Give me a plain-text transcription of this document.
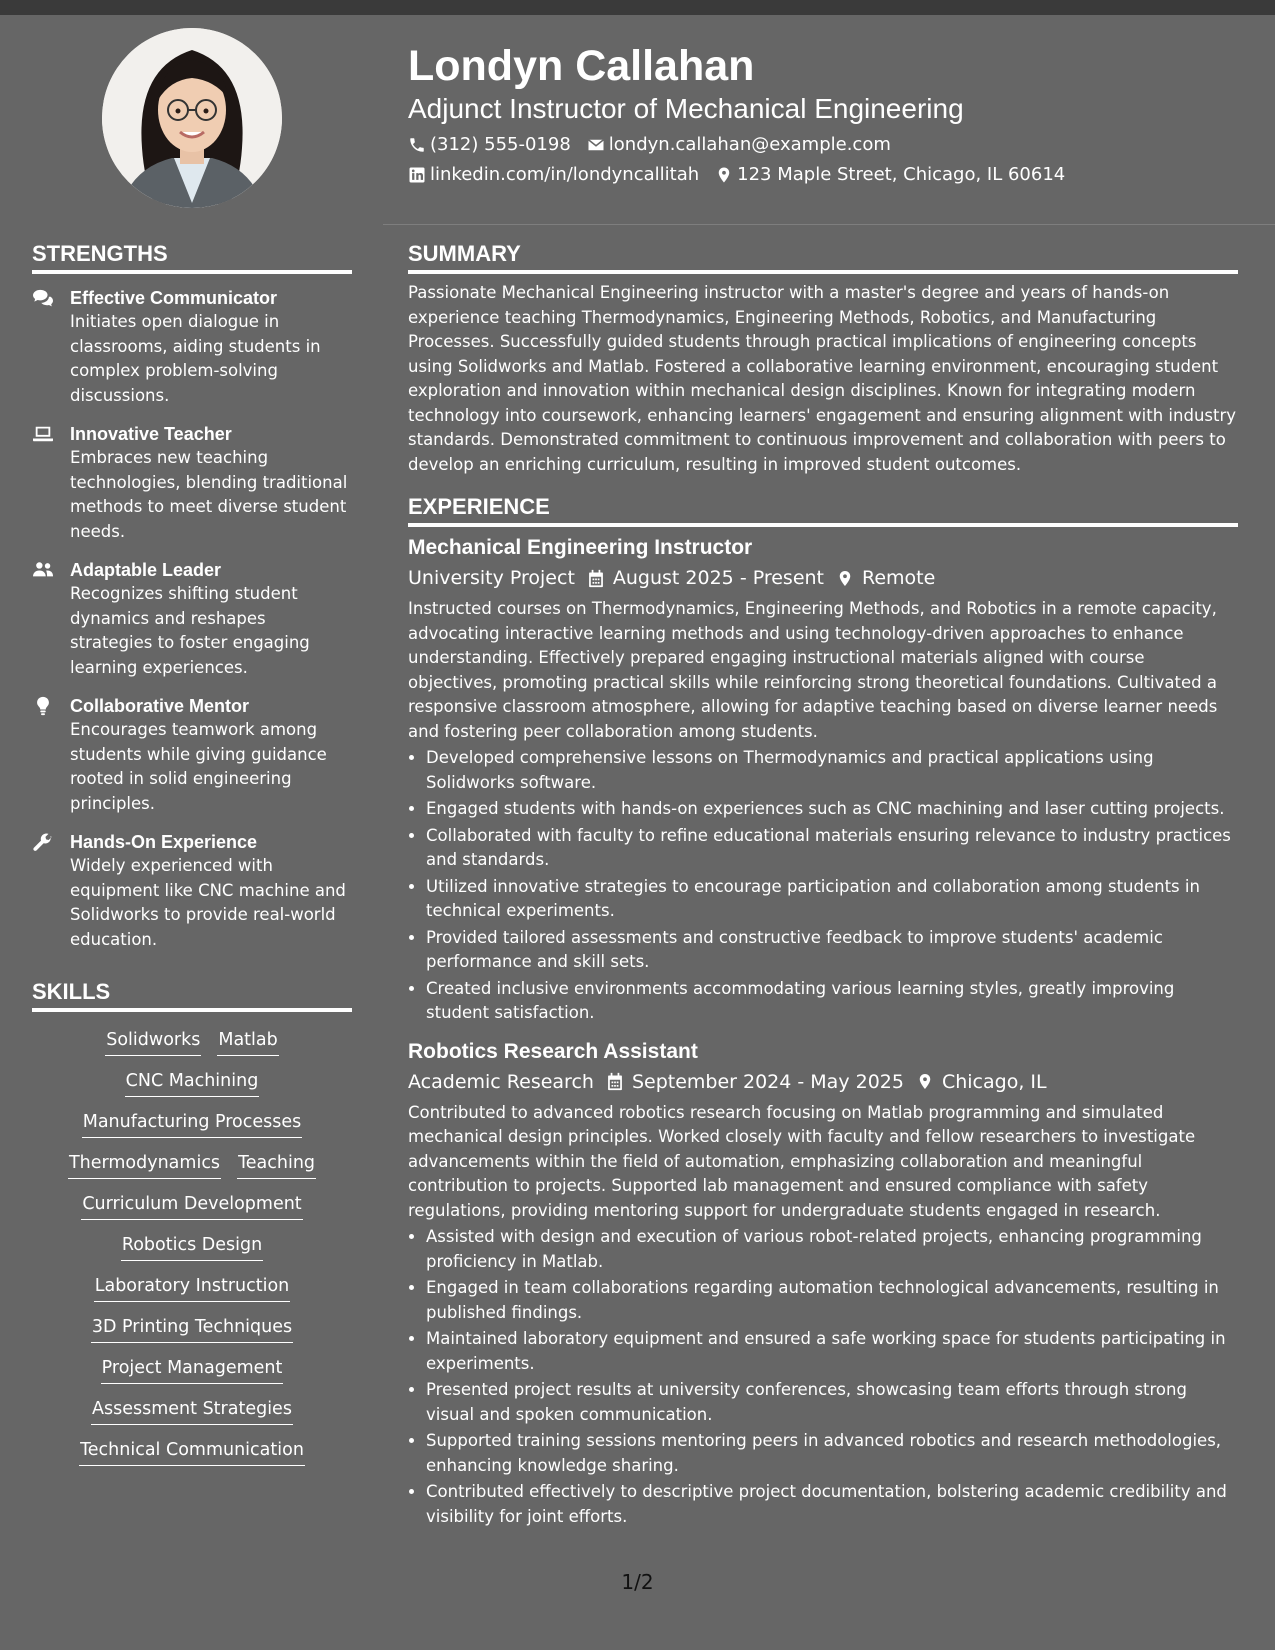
Londyn Callahan
Adjunct Instructor of Mechanical Engineering
(312) 555-0198 londyn.callahan@example.com
linkedin.com/in/londyncallitah 123 Maple Street, Chicago, IL 60614
STRENGTHS
Effective Communicator
Initiates open dialogue in classrooms, aiding students in complex problem-solving discussions.
Innovative Teacher
Embraces new teaching technologies, blending traditional methods to meet diverse student needs.
Adaptable Leader
Recognizes shifting student dynamics and reshapes strategies to foster engaging learning experiences.
Collaborative Mentor
Encourages teamwork among students while giving guidance rooted in solid engineering principles.
Hands-On Experience
Widely experienced with equipment like CNC machine and Solidworks to provide real-world education.
SKILLS
Solidworks Matlab
CNC Machining
Manufacturing Processes
Thermodynamics Teaching
Curriculum Development
Robotics Design
Laboratory Instruction
3D Printing Techniques
Project Management
Assessment Strategies
Technical Communication
SUMMARY

Passionate Mechanical Engineering instructor with a master's degree and years of hands-on experience teaching Thermodynamics, Engineering Methods, Robotics, and Manufacturing Processes. Successfully guided students through practical implications of engineering concepts using Solidworks and Matlab. Fostered a collaborative learning environment, encouraging student exploration and innovation within mechanical design disciplines. Known for integrating modern technology into coursework, enhancing learners' engagement and ensuring alignment with industry standards. Demonstrated commitment to continuous improvement and collaboration with peers to develop an enriching curriculum, resulting in improved student outcomes.

EXPERIENCE
Mechanical Engineering Instructor
University Project August 2025 - Present Remote

Instructed courses on Thermodynamics, Engineering Methods, and Robotics in a remote capacity, advocating interactive learning methods and using technology-driven approaches to enhance understanding. Effectively prepared engaging instructional materials aligned with course objectives, promoting practical skills while reinforcing strong theoretical foundations. Cultivated a responsive classroom atmosphere, allowing for adaptive teaching based on diverse learner needs and fostering peer collaboration among students.

• Developed comprehensive lessons on Thermodynamics and practical applications using Solidworks software.
• Engaged students with hands-on experiences such as CNC machining and laser cutting projects.
• Collaborated with faculty to refine educational materials ensuring relevance to industry practices and standards.
• Utilized innovative strategies to encourage participation and collaboration among students in technical experiments.
• Provided tailored assessments and constructive feedback to improve students' academic performance and skill sets.
• Created inclusive environments accommodating various learning styles, greatly improving student satisfaction.
Robotics Research Assistant
Academic Research September 2024 - May 2025 Chicago, IL

Contributed to advanced robotics research focusing on Matlab programming and simulated mechanical design principles. Worked closely with faculty and fellow researchers to investigate advancements within the field of automation, emphasizing collaboration and meaningful contribution to projects. Supported lab management and ensured compliance with safety regulations, providing mentoring support for undergraduate students engaged in research.

• Assisted with design and execution of various robot-related projects, enhancing programming proficiency in Matlab.
• Engaged in team collaborations regarding automation technological advancements, resulting in published findings.
• Maintained laboratory equipment and ensured a safe working space for students participating in experiments.
• Presented project results at university conferences, showcasing team efforts through strong visual and spoken communication.
• Supported training sessions mentoring peers in advanced robotics and research methodologies, enhancing knowledge sharing.
• Contributed effectively to descriptive project documentation, bolstering academic credibility and visibility for joint efforts.
1/2
